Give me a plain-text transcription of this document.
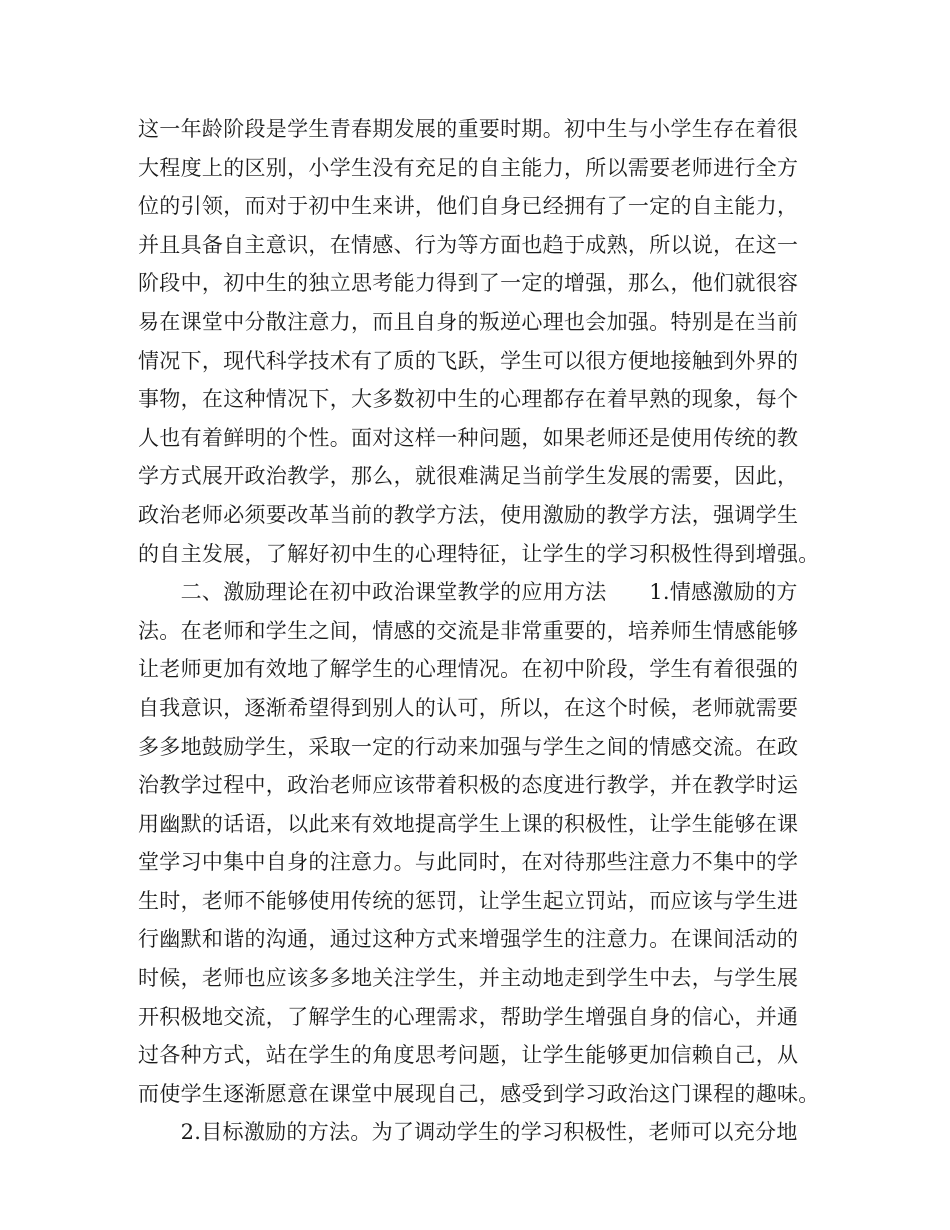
这一年龄阶段是学生青春期发展的重要时期。初中生与小学生存在着很
大程度上的区别，小学生没有充足的自主能力，所以需要老师进行全方
位的引领，而对于初中生来讲，他们自身已经拥有了一定的自主能力，
并且具备自主意识，在情感、行为等方面也趋于成熟，所以说，在这一
阶段中，初中生的独立思考能力得到了一定的增强，那么，他们就很容
易在课堂中分散注意力，而且自身的叛逆心理也会加强。特别是在当前
情况下，现代科学技术有了质的飞跃，学生可以很方便地接触到外界的
事物，在这种情况下，大多数初中生的心理都存在着早熟的现象，每个
人也有着鲜明的个性。面对这样一种问题，如果老师还是使用传统的教
学方式展开政治教学，那么，就很难满足当前学生发展的需要，因此，
政治老师必须要改革当前的教学方法，使用激励的教学方法，强调学生
的自主发展，了解好初中生的心理特征，让学生的学习积极性得到增强。
　　二、激励理论在初中政治课堂教学的应用方法　　1.情感激励的方
法。在老师和学生之间，情感的交流是非常重要的，培养师生情感能够
让老师更加有效地了解学生的心理情况。在初中阶段，学生有着很强的
自我意识，逐渐希望得到别人的认可，所以，在这个时候，老师就需要
多多地鼓励学生，采取一定的行动来加强与学生之间的情感交流。在政
治教学过程中，政治老师应该带着积极的态度进行教学，并在教学时运
用幽默的话语，以此来有效地提高学生上课的积极性，让学生能够在课
堂学习中集中自身的注意力。与此同时，在对待那些注意力不集中的学
生时，老师不能够使用传统的惩罚，让学生起立罚站，而应该与学生进
行幽默和谐的沟通，通过这种方式来增强学生的注意力。在课间活动的
时候，老师也应该多多地关注学生，并主动地走到学生中去，与学生展
开积极地交流，了解学生的心理需求，帮助学生增强自身的信心，并通
过各种方式，站在学生的角度思考问题，让学生能够更加信赖自己，从
而使学生逐渐愿意在课堂中展现自己，感受到学习政治这门课程的趣味。
　　2.目标激励的方法。为了调动学生的学习积极性，老师可以充分地
